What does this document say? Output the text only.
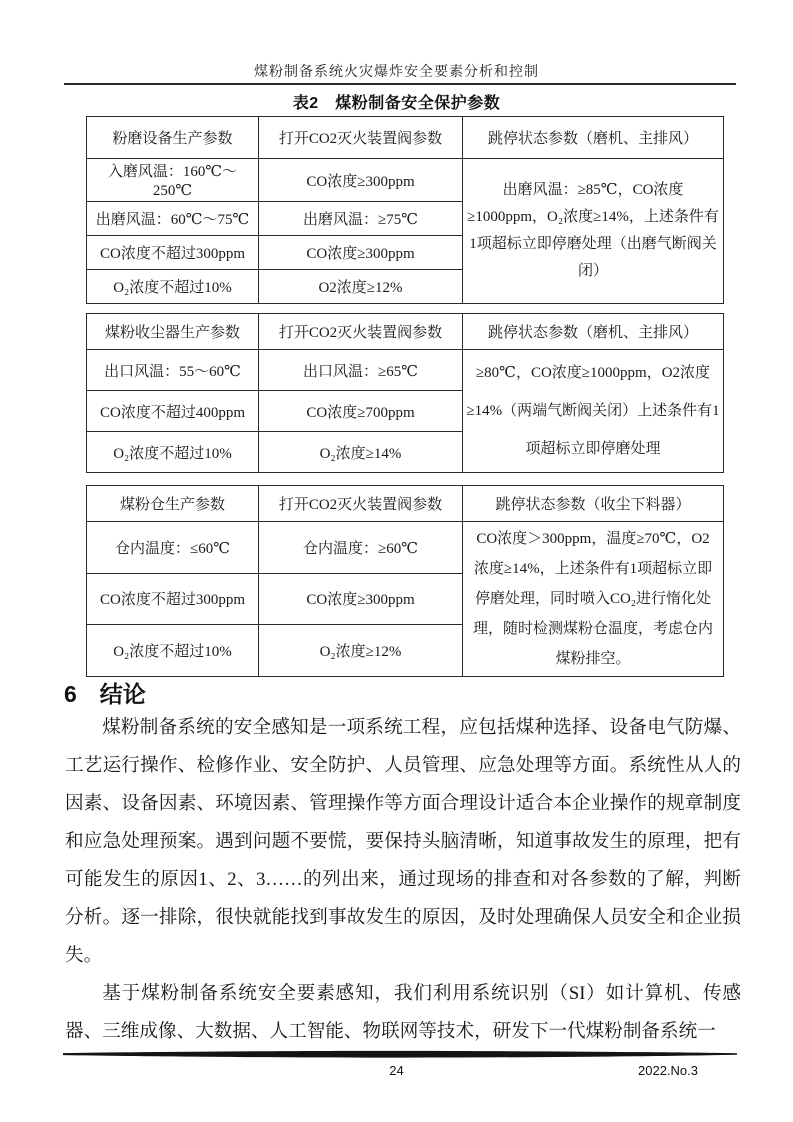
煤粉制备系统火灾爆炸安全要素分析和控制
表2　煤粉制备安全保护参数
粉磨设备生产参数	打开CO2灭火装置阀参数	跳停状态参数（磨机、主排风）
入磨风温：160℃～250℃	CO浓度≥300ppm	出磨风温：≥85℃，CO浓度≥1000ppm，O₂浓度≥14%，上述条件有1项超标立即停磨处理（出磨气断阀关闭）
出磨风温：60℃～75℃	出磨风温：≥75℃	
CO浓度不超过300ppm	CO浓度≥300ppm	
O₂浓度不超过10%	O2浓度≥12%	
煤粉收尘器生产参数	打开CO2灭火装置阀参数	跳停状态参数（磨机、主排风）
出口风温：55～60℃	出口风温：≥65℃	≥80℃，CO浓度≥1000ppm，O2浓度≥14%（两端气断阀关闭）上述条件有1项超标立即停磨处理
CO浓度不超过400ppm	CO浓度≥700ppm	
O₂浓度不超过10%	O₂浓度≥14%	
煤粉仓生产参数	打开CO2灭火装置阀参数	跳停状态参数（收尘下料器）
仓内温度：≤60℃	仓内温度：≥60℃	CO浓度＞300ppm，温度≥70℃，O2浓度≥14%，上述条件有1项超标立即停磨处理，同时喷入CO₂进行惰化处理，随时检测煤粉仓温度，考虑仓内煤粉排空。
CO浓度不超过300ppm	CO浓度≥300ppm	
O₂浓度不超过10%	O₂浓度≥12%	
6　结论

煤粉制备系统的安全感知是一项系统工程，应包括煤种选择、设备电气防爆、工艺运行操作、检修作业、安全防护、人员管理、应急处理等方面。系统性从人的因素、设备因素、环境因素、管理操作等方面合理设计适合本企业操作的规章制度和应急处理预案。遇到问题不要慌，要保持头脑清晰，知道事故发生的原理，把有可能发生的原因1、2、3……的列出来，通过现场的排查和对各参数的了解，判断分析。逐一排除，很快就能找到事故发生的原因，及时处理确保人员安全和企业损失。

基于煤粉制备系统安全要素感知，我们利用系统识别（SI）如计算机、传感器、三维成像、大数据、人工智能、物联网等技术，研发下一代煤粉制备系统一

24	2022.No.3
